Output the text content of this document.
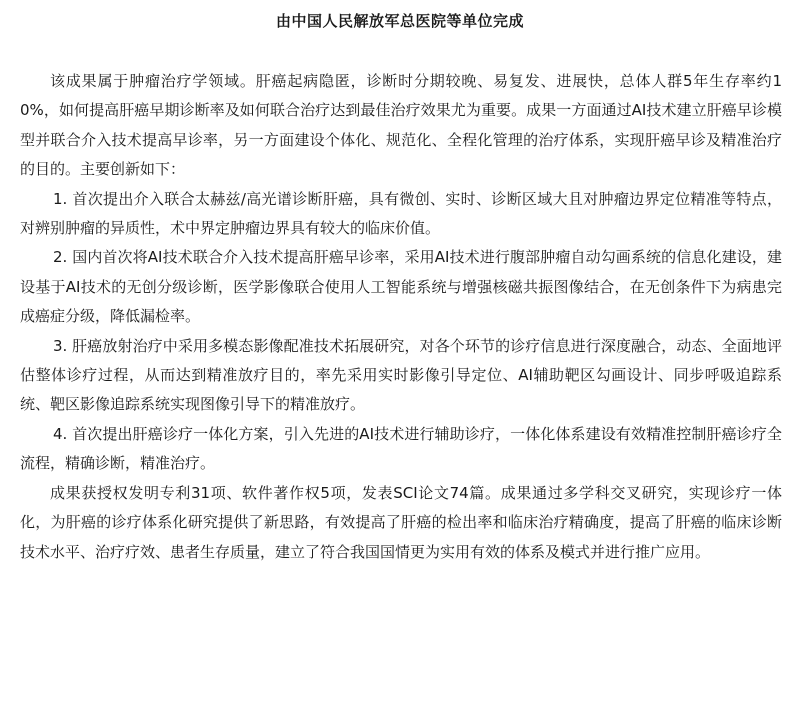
由中国人民解放军总医院等单位完成

该成果属于肿瘤治疗学领域。肝癌起病隐匿，诊断时分期较晚、易复发、进展快，总体人群5年生存率约10%，如何提高肝癌早期诊断率及如何联合治疗达到最佳治疗效果尤为重要。成果一方面通过AI技术建立肝癌早诊模型并联合介入技术提高早诊率，另一方面建设个体化、规范化、全程化管理的治疗体系，实现肝癌早诊及精准治疗的目的。主要创新如下：

1. 首次提出介入联合太赫兹/高光谱诊断肝癌，具有微创、实时、诊断区域大且对肿瘤边界定位精准等特点，对辨别肿瘤的异质性，术中界定肿瘤边界具有较大的临床价值。

2. 国内首次将AI技术联合介入技术提高肝癌早诊率，采用AI技术进行腹部肿瘤自动勾画系统的信息化建设，建设基于AI技术的无创分级诊断，医学影像联合使用人工智能系统与增强核磁共振图像结合，在无创条件下为病患完成癌症分级，降低漏检率。

3. 肝癌放射治疗中采用多模态影像配准技术拓展研究，对各个环节的诊疗信息进行深度融合，动态、全面地评估整体诊疗过程，从而达到精准放疗目的，率先采用实时影像引导定位、AI辅助靶区勾画设计、同步呼吸追踪系统、靶区影像追踪系统实现图像引导下的精准放疗。

4. 首次提出肝癌诊疗一体化方案，引入先进的AI技术进行辅助诊疗，一体化体系建设有效精准控制肝癌诊疗全流程，精确诊断，精准治疗。

成果获授权发明专利31项、软件著作权5项，发表SCI论文74篇。成果通过多学科交叉研究，实现诊疗一体化，为肝癌的诊疗体系化研究提供了新思路，有效提高了肝癌的检出率和临床治疗精确度，提高了肝癌的临床诊断技术水平、治疗疗效、患者生存质量，建立了符合我国国情更为实用有效的体系及模式并进行推广应用。
